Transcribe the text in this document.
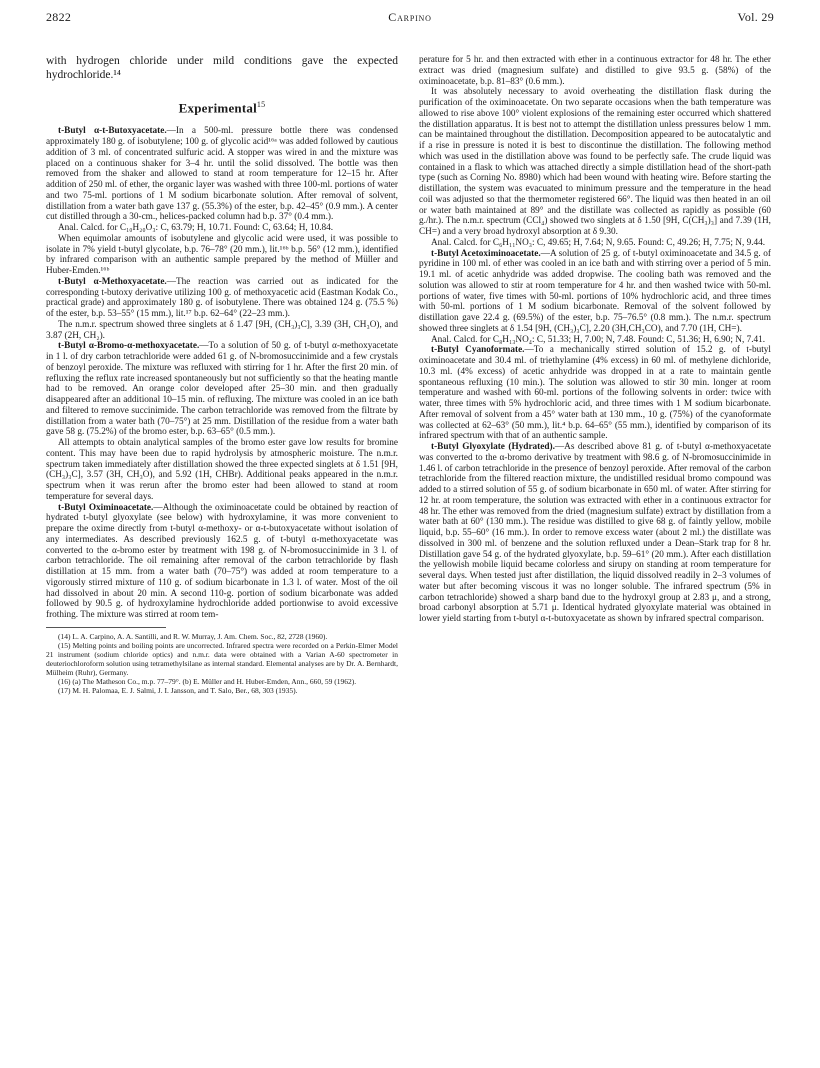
2822	Carpino	Vol. 29

with hydrogen chloride under mild conditions gave the expected hydrochloride.¹⁴

Experimental$^{15}$

t-Butyl α-t-Butoxyacetate.—In a 500-ml. pressure bottle there was condensed approximately 180 g. of isobutylene; 100 g. of glycolic acid¹⁶ᵃ was added followed by cautious addition of 3 ml. of concentrated sulfuric acid. A stopper was wired in and the mixture was placed on a continuous shaker for 3–4 hr. until the solid dissolved. The bottle was then removed from the shaker and allowed to stand at room temperature for 12–15 hr. After addition of 250 ml. of ether, the organic layer was washed with three 100-ml. portions of water and two 75-ml. portions of 1 M sodium bicarbonate solution. After removal of solvent, distillation from a water bath gave 137 g. (55.3%) of the ester, b.p. 42–45° (0.9 mm.). A center cut distilled through a 30-cm., helices-packed column had b.p. 37° (0.4 mm.).

Anal. Calcd. for C₁₀H₂₀O₃: C, 63.79; H, 10.71. Found: C, 63.64; H, 10.84.

When equimolar amounts of isobutylene and glycolic acid were used, it was possible to isolate in 7% yield t-butyl glycolate, b.p. 76–78° (20 mm.), lit.¹⁶ᵇ b.p. 56° (12 mm.), identified by infrared comparison with an authentic sample prepared by the method of Müller and Huber-Emden.¹⁶ᵇ

t-Butyl α-Methoxyacetate.—The reaction was carried out as indicated for the corresponding t-butoxy derivative utilizing 100 g. of methoxyacetic acid (Eastman Kodak Co., practical grade) and approximately 180 g. of isobutylene. There was obtained 124 g. (75.5 %) of the ester, b.p. 53–55° (15 mm.), lit.¹⁷ b.p. 62–64° (22–23 mm.).

The n.m.r. spectrum showed three singlets at δ 1.47 [9H, (CH₃)₃C], 3.39 (3H, CH₃O), and 3.87 (2H, CH₂).

t-Butyl α-Bromo-α-methoxyacetate.—To a solution of 50 g. of t-butyl α-methoxyacetate in 1 l. of dry carbon tetrachloride were added 61 g. of N-bromosuccinimide and a few crystals of benzoyl peroxide. The mixture was refluxed with stirring for 1 hr. After the first 20 min. of refluxing the reflux rate increased spontaneously but not sufficiently so that the heating mantle had to be removed. An orange color developed after 25–30 min. and then gradually disappeared after an additional 10–15 min. of refluxing. The mixture was cooled in an ice bath and filtered to remove succinimide. The carbon tetrachloride was removed from the filtrate by distillation from a water bath (70–75°) at 25 mm. Distillation of the residue from a water bath gave 58 g. (75.2%) of the bromo ester, b.p. 63–65° (0.5 mm.).

All attempts to obtain analytical samples of the bromo ester gave low results for bromine content. This may have been due to rapid hydrolysis by atmospheric moisture. The n.m.r. spectrum taken immediately after distillation showed the three expected singlets at δ 1.51 [9H,(CH₃)₃C], 3.57 (3H, CH₃O), and 5.92 (1H, CHBr). Additional peaks appeared in the n.m.r. spectrum when it was rerun after the bromo ester had been allowed to stand at room temperature for several days.

t-Butyl Oximinoacetate.—Although the oximinoacetate could be obtained by reaction of hydrated t-butyl glyoxylate (see below) with hydroxylamine, it was more convenient to prepare the oxime directly from t-butyl α-methoxy- or α-t-butoxyacetate without isolation of any intermediates. As described previously 162.5 g. of t-butyl α-methoxyacetate was converted to the α-bromo ester by treatment with 198 g. of N-bromosuccinimide in 3 l. of carbon tetrachloride. The oil remaining after removal of the carbon tetrachloride by flash distillation at 15 mm. from a water bath (70–75°) was added at room temperature to a vigorously stirred mixture of 110 g. of sodium bicarbonate in 1.3 l. of water. Most of the oil had dissolved in about 20 min. A second 110-g. portion of sodium bicarbonate was added followed by 90.5 g. of hydroxylamine hydrochloride added portionwise to avoid excessive frothing. The mixture was stirred at room tem-

(14) L. A. Carpino, A. A. Santilli, and R. W. Murray, J. Am. Chem. Soc., 82, 2728 (1960).

(15) Melting points and boiling points are uncorrected. Infrared spectra were recorded on a Perkin-Elmer Model 21 instrument (sodium chloride optics) and n.m.r. data were obtained with a Varian A-60 spectrometer in deuteriochloroform solution using tetramethylsilane as internal standard. Elemental analyses are by Dr. A. Bernhardt, Mülheim (Ruhr), Germany.

(16) (a) The Matheson Co., m.p. 77–79°. (b) E. Müller and H. Huber-Emden, Ann., 660, 59 (1962).

(17) M. H. Palomaa, E. J. Salmi, J. I. Jansson, and T. Salo, Ber., 68, 303 (1935).

perature for 5 hr. and then extracted with ether in a continuous extractor for 48 hr. The ether extract was dried (magnesium sulfate) and distilled to give 93.5 g. (58%) of the oximinoacetate, b.p. 81–83° (0.6 mm.).

It was absolutely necessary to avoid overheating the distillation flask during the purification of the oximinoacetate. On two separate occasions when the bath temperature was allowed to rise above 100° violent explosions of the remaining ester occurred which shattered the distillation apparatus. It is best not to attempt the distillation unless pressures below 1 mm. can be maintained throughout the distillation. Decomposition appeared to be autocatalytic and if a rise in pressure is noted it is best to discontinue the distillation. The following method which was used in the distillation above was found to be perfectly safe. The crude liquid was contained in a flask to which was attached directly a simple distillation head of the short-path type (such as Corning No. 8980) which had been wound with heating wire. Before starting the distillation, the system was evacuated to minimum pressure and the temperature in the head coil was adjusted so that the thermometer registered 66°. The liquid was then heated in an oil or water bath maintained at 89° and the distillate was collected as rapidly as possible (60 g./hr.). The n.m.r. spectrum (CCl₄) showed two singlets at δ 1.50 [9H, C(CH₃)₃] and 7.39 (1H, CH=) and a very broad hydroxyl absorption at δ 9.30.

Anal. Calcd. for C₆H₁₁NO₃: C, 49.65; H, 7.64; N, 9.65. Found: C, 49.26; H, 7.75; N, 9.44.

t-Butyl Acetoximinoacetate.—A solution of 25 g. of t-butyl oximinoacetate and 34.5 g. of pyridine in 100 ml. of ether was cooled in an ice bath and with stirring over a period of 5 min. 19.1 ml. of acetic anhydride was added dropwise. The cooling bath was removed and the solution was allowed to stir at room temperature for 4 hr. and then washed twice with 50-ml. portions of water, five times with 50-ml. portions of 10% hydrochloric acid, and three times with 50-ml. portions of 1 M sodium bicarbonate. Removal of the solvent followed by distillation gave 22.4 g. (69.5%) of the ester, b.p. 75–76.5° (0.8 mm.). The n.m.r. spectrum showed three singlets at δ 1.54 [9H, (CH₃)₃C], 2.20 (3H,CH₃CO), and 7.70 (1H, CH=).

Anal. Calcd. for C₈H₁₃NO₄: C, 51.33; H, 7.00; N, 7.48. Found: C, 51.36; H, 6.90; N, 7.41.

t-Butyl Cyanoformate.—To a mechanically stirred solution of 15.2 g. of t-butyl oximinoacetate and 30.4 ml. of triethylamine (4% excess) in 60 ml. of methylene dichloride, 10.3 ml. (4% excess) of acetic anhydride was dropped in at a rate to maintain gentle spontaneous refluxing (10 min.). The solution was allowed to stir 30 min. longer at room temperature and washed with 60-ml. portions of the following solvents in order: twice with water, three times with 5% hydrochloric acid, and three times with 1 M sodium bicarbonate. After removal of solvent from a 45° water bath at 130 mm., 10 g. (75%) of the cyanoformate was collected at 62–63° (50 mm.), lit.⁴ b.p. 64–65° (55 mm.), identified by comparison of its infrared spectrum with that of an authentic sample.

t-Butyl Glyoxylate (Hydrated).—As described above 81 g. of t-butyl α-methoxyacetate was converted to the α-bromo derivative by treatment with 98.6 g. of N-bromosuccinimide in 1.46 l. of carbon tetrachloride in the presence of benzoyl peroxide. After removal of the carbon tetrachloride from the filtered reaction mixture, the undistilled residual bromo compound was added to a stirred solution of 55 g. of sodium bicarbonate in 650 ml. of water. After stirring for 12 hr. at room temperature, the solution was extracted with ether in a continuous extractor for 48 hr. The ether was removed from the dried (magnesium sulfate) extract by distillation from a water bath at 60° (130 mm.). The residue was distilled to give 68 g. of faintly yellow, mobile liquid, b.p. 55–60° (16 mm.). In order to remove excess water (about 2 ml.) the distillate was dissolved in 300 ml. of benzene and the solution refluxed under a Dean–Stark trap for 8 hr. Distillation gave 54 g. of the hydrated glyoxylate, b.p. 59–61° (20 mm.). After each distillation the yellowish mobile liquid became colorless and sirupy on standing at room temperature for several days. When tested just after distillation, the liquid dissolved readily in 2–3 volumes of water but after becoming viscous it was no longer soluble. The infrared spectrum (5% in carbon tetrachloride) showed a sharp band due to the hydroxyl group at 2.83 μ, and a strong, broad carbonyl absorption at 5.71 μ. Identical hydrated glyoxylate material was obtained in lower yield starting from t-butyl α-t-butoxyacetate as shown by infrared spectral comparison.
